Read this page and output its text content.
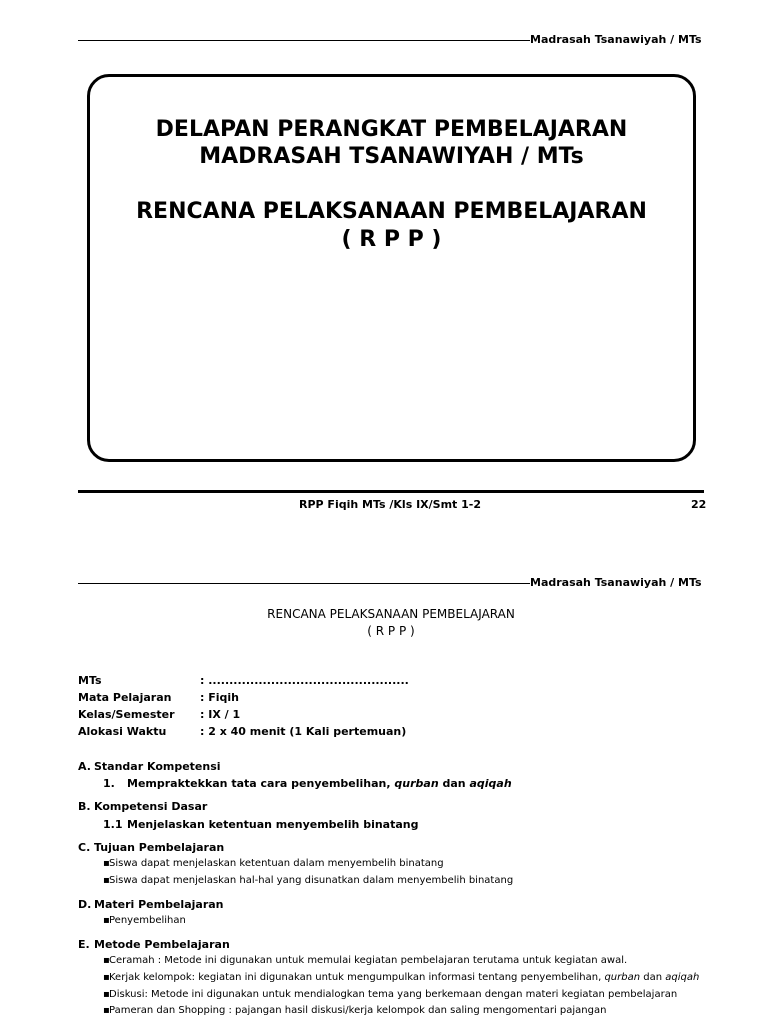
Madrasah Tsanawiyah / MTs
DELAPAN PERANGKAT PEMBELAJARAN
MADRASAH TSANAWIYAH / MTs
RENCANA PELAKSANAAN PEMBELAJARAN
( R P P )
RPP Fiqih MTs /Kls IX/Smt 1-2	22
Madrasah Tsanawiyah / MTs
RENCANA PELAKSANAAN PEMBELAJARAN
( R P P )
MTs	: ................................................
Mata Pelajaran	: Fiqih
Kelas/Semester : IX / 1
Alokasi Waktu	: 2 x 40 menit (1 Kali pertemuan)
A. Standar Kompetensi
1. Mempraktekkan tata cara penyembelihan, qurban dan aqiqah
B. Kompetensi Dasar
1.1 Menjelaskan ketentuan menyembelih binatang
C. Tujuan Pembelajaran
▪Siswa dapat menjelaskan ketentuan dalam menyembelih binatang
▪Siswa dapat menjelaskan hal-hal yang disunatkan dalam menyembelih binatang
D. Materi Pembelajaran
▪Penyembelihan
E. Metode Pembelajaran
▪Ceramah : Metode ini digunakan untuk memulai kegiatan pembelajaran terutama untuk kegiatan awal.
▪Kerjak kelompok: kegiatan ini digunakan untuk mengumpulkan informasi tentang penyembelihan, qurban dan aqiqah
▪Diskusi: Metode ini digunakan untuk mendialogkan tema yang berkemaan dengan materi kegiatan pembelajaran
▪Pameran dan Shopping : pajangan hasil diskusi/kerja kelompok dan saling mengomentari pajangan
